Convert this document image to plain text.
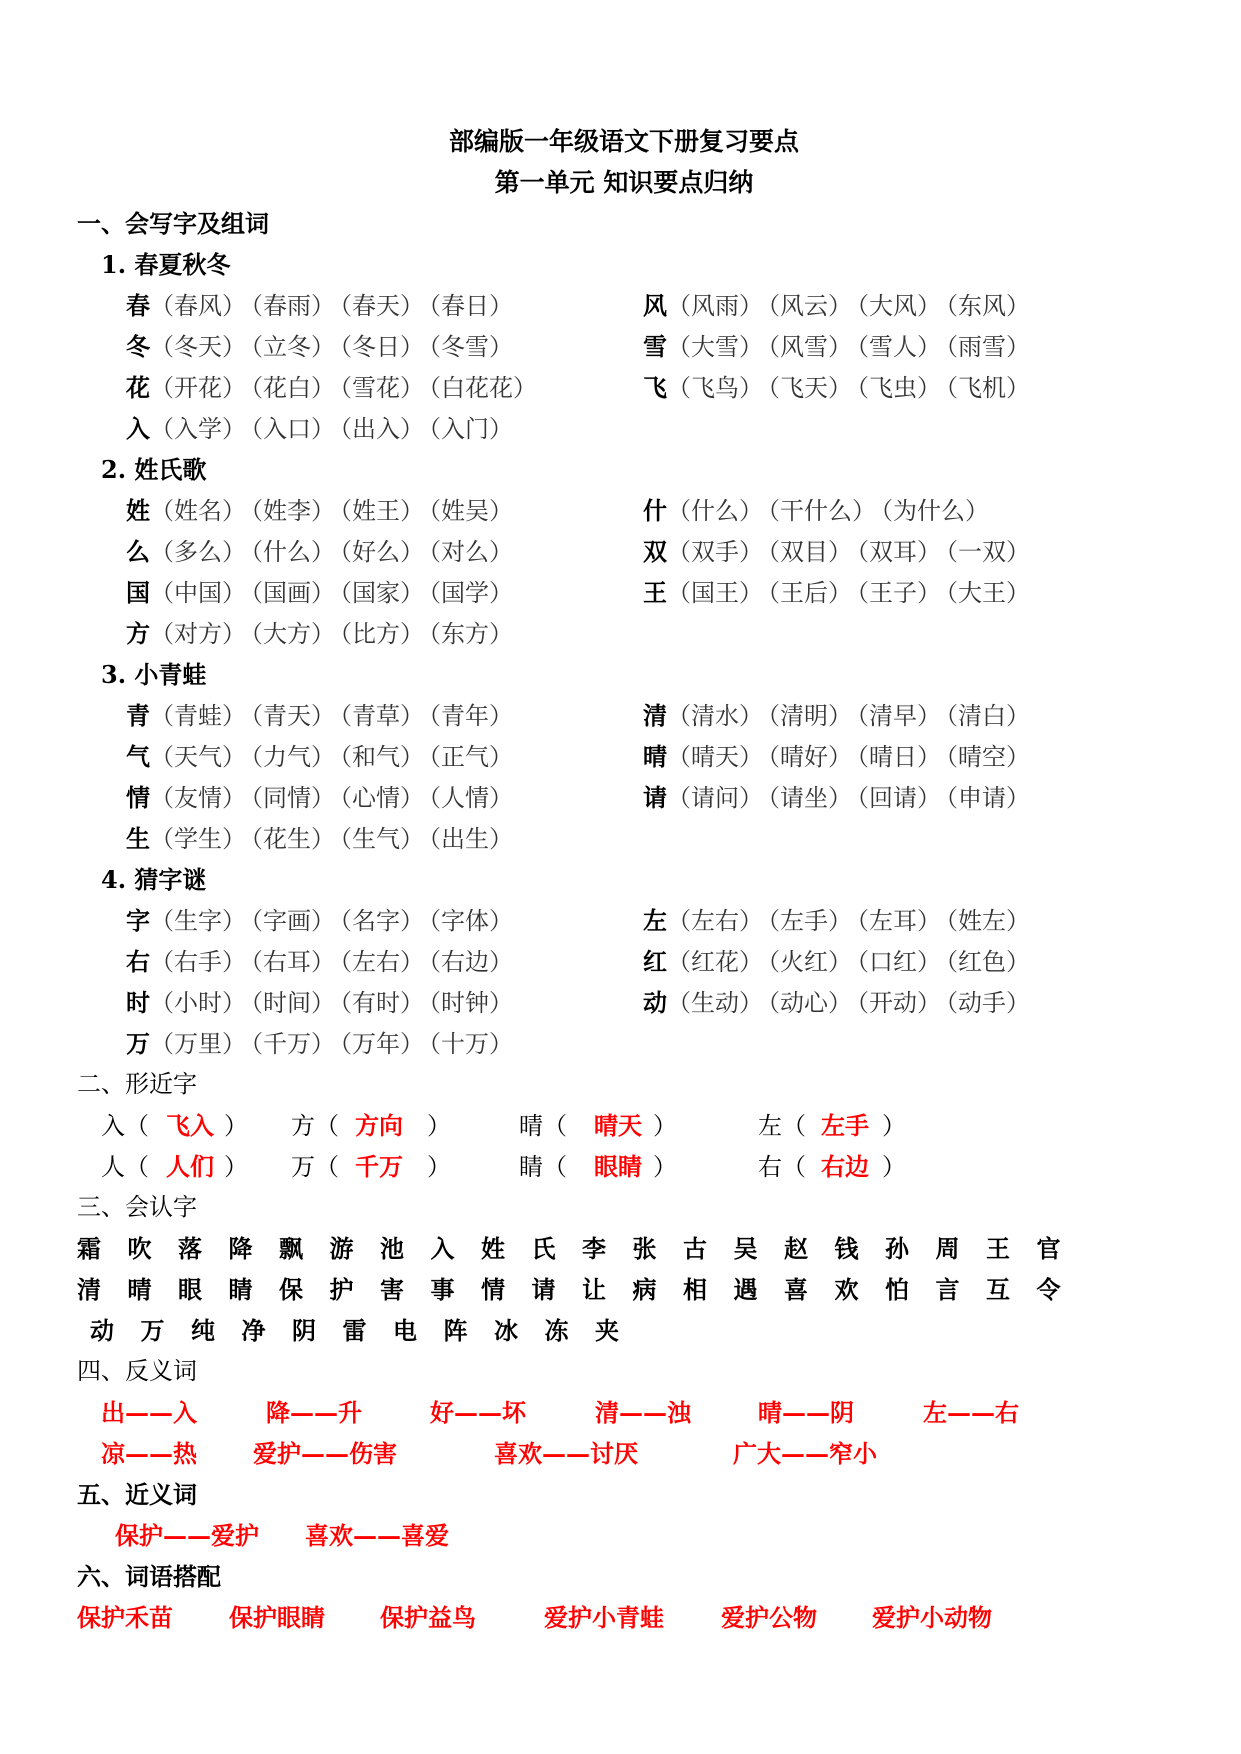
部编版一年级语文下册复习要点
第一单元 知识要点归纳
一、会写字及组词
1. 春夏秋冬
春（春风） （春雨） （春天） （春日）	风（风雨） （风云） （大风） （东风）
冬（冬天） （立冬） （冬日） （冬雪）	雪（大雪） （风雪） （雪人） （雨雪）
花（开花） （花白） （雪花） （白花花）	飞（飞鸟） （飞天） （飞虫） （飞机）
入（入学） （入口） （出入） （入门）
2. 姓氏歌
姓（姓名） （姓李） （姓王） （姓吴）	什（什么） （干什么） （为什么）
么（多么） （什么） （好么） （对么）	双（双手） （双目） （双耳） （一双）
国（中国） （国画） （国家） （国学）	王（国王） （王后） （王子） （大王）
方（对方） （大方） （比方） （东方）
3. 小青蛙
青（青蛙） （青天） （青草） （青年）	清（清水） （清明） （清早） （清白）
气（天气） （力气） （和气） （正气）	晴（晴天） （晴好） （晴日） （晴空）
情（友情） （同情） （心情） （人情）	请（请问） （请坐） （回请） （申请）
生（学生） （花生） （生气） （出生）
4. 猜字谜
字（生字） （字画） （名字） （字体）	左（左右） （左手） （左耳） （姓左）
右（右手） （右耳） （左右） （右边）	红（红花） （火红） （口红） （红色）
时（小时） （时间） （有时） （时钟）	动（生动） （动心） （开动） （动手）
万（万里） （千万） （万年） （十万）
二、形近字
入（ 飞入 ） 方（ 方向 ）	晴（ 晴天 ）	左（ 左手 ）
人（ 人们 ） 万（ 千万 ）	睛（ 眼睛 ）	右（ 右边 ）
三、会认字
霜 吹 落 降 飘 游 池 入 姓 氏 李 张 古 吴 赵 钱 孙 周 王 官
清 晴 眼 睛 保 护 害 事 情 请 让 病 相 遇 喜 欢 怕 言 互 令
动 万 纯 净 阴 雷 电 阵 冰 冻 夹
四、反义词
出——入	降——升	好——坏	清——浊	晴——阴	左——右
凉——热 爱护——伤害	喜欢——讨厌	广大——窄小
五、近义词
保护——爱护 喜欢——喜爱
六、词语搭配
保护禾苗 保护眼睛 保护益鸟	爱护小青蛙 爱护公物 爱护小动物
